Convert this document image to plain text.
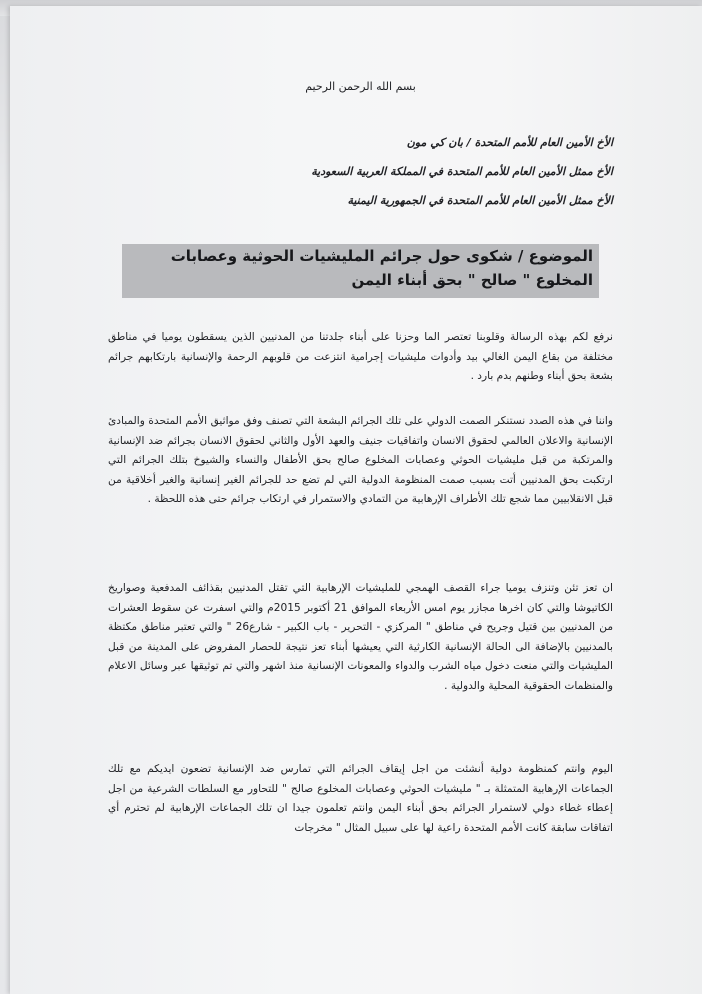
بسم الله الرحمن الرحيم
الأخ الأمين العام للأمم المتحدة / بان كي مون
الأخ ممثل الأمين العام للأمم المتحدة في المملكة العربية السعودية
الأخ ممثل الأمين العام للأمم المتحدة في الجمهورية اليمنية
الموضوع / شكوى حول جرائم المليشيات الحوثية وعصابات المخلوع " صالح " بحق أبناء اليمن
نرفع لكم بهذه الرسالة وقلوبنا تعتصر الما وحزنا على أبناء جلدتنا من المدنيين الذين يسقطون يوميا في مناطق مختلفة من بقاع اليمن الغالي بيد وأدوات مليشيات إجرامية انتزعت من قلوبهم الرحمة والإنسانية بارتكابهم جرائم بشعة بحق أبناء وطنهم بدم بارد .
واننا في هذه الصدد نستنكر الصمت الدولي على تلك الجرائم البشعة التي تصنف وفق مواثيق الأمم المتحدة والمبادئ الإنسانية والاعلان العالمي لحقوق الانسان واتفاقيات جنيف والعهد الأول والثاني لحقوق الانسان بجرائم ضد الإنسانية والمرتكبة من قبل مليشيات الحوثي وعصابات المخلوع صالح بحق الأطفال والنساء والشيوخ بتلك الجرائم التي ارتكبت بحق المدنيين أتت بسبب صمت المنظومة الدولية التي لم تضع حد للجرائم الغير إنسانية والغير أخلاقية من قبل الانقلابيين مما شجع تلك الأطراف الإرهابية من التمادي والاستمرار في ارتكاب جرائم حتى هذه اللحظة .
ان تعز تئن وتنزف يوميا جراء القصف الهمجي للمليشيات الإرهابية التي تقتل المدنيين بقذائف المدفعية وصواريخ الكاتيوشا والتي كان اخرها مجازر يوم امس الأربعاء الموافق 21 أكتوبر 2015م والتي اسفرت عن سقوط العشرات من المدنيين بين قتيل وجريح في مناطق " المركزي - التحرير - باب الكبير - شارع26 " والتي تعتبر مناطق مكتظة بالمدنيين بالإضافة الى الحالة الإنسانية الكارثية التي يعيشها أبناء تعز نتيجة للحصار المفروض على المدينة من قبل المليشيات والتي منعت دخول مياه الشرب والدواء والمعونات الإنسانية منذ اشهر والتي تم توثيقها عبر وسائل الاعلام والمنظمات الحقوقية المحلية والدولية .
اليوم وانتم كمنظومة دولية أنشئت من اجل إيقاف الجرائم التي تمارس ضد الإنسانية تضعون ايديكم مع تلك الجماعات الإرهابية المتمثلة بـ " مليشيات الحوثي وعصابات المخلوع صالح " للتحاور مع السلطات الشرعية من اجل إعطاء غطاء دولي لاستمرار الجرائم بحق أبناء اليمن وانتم تعلمون جيدا ان تلك الجماعات الإرهابية لم تحترم أي اتفاقات سابقة كانت الأمم المتحدة راعية لها على سبيل المثال " مخرجات
